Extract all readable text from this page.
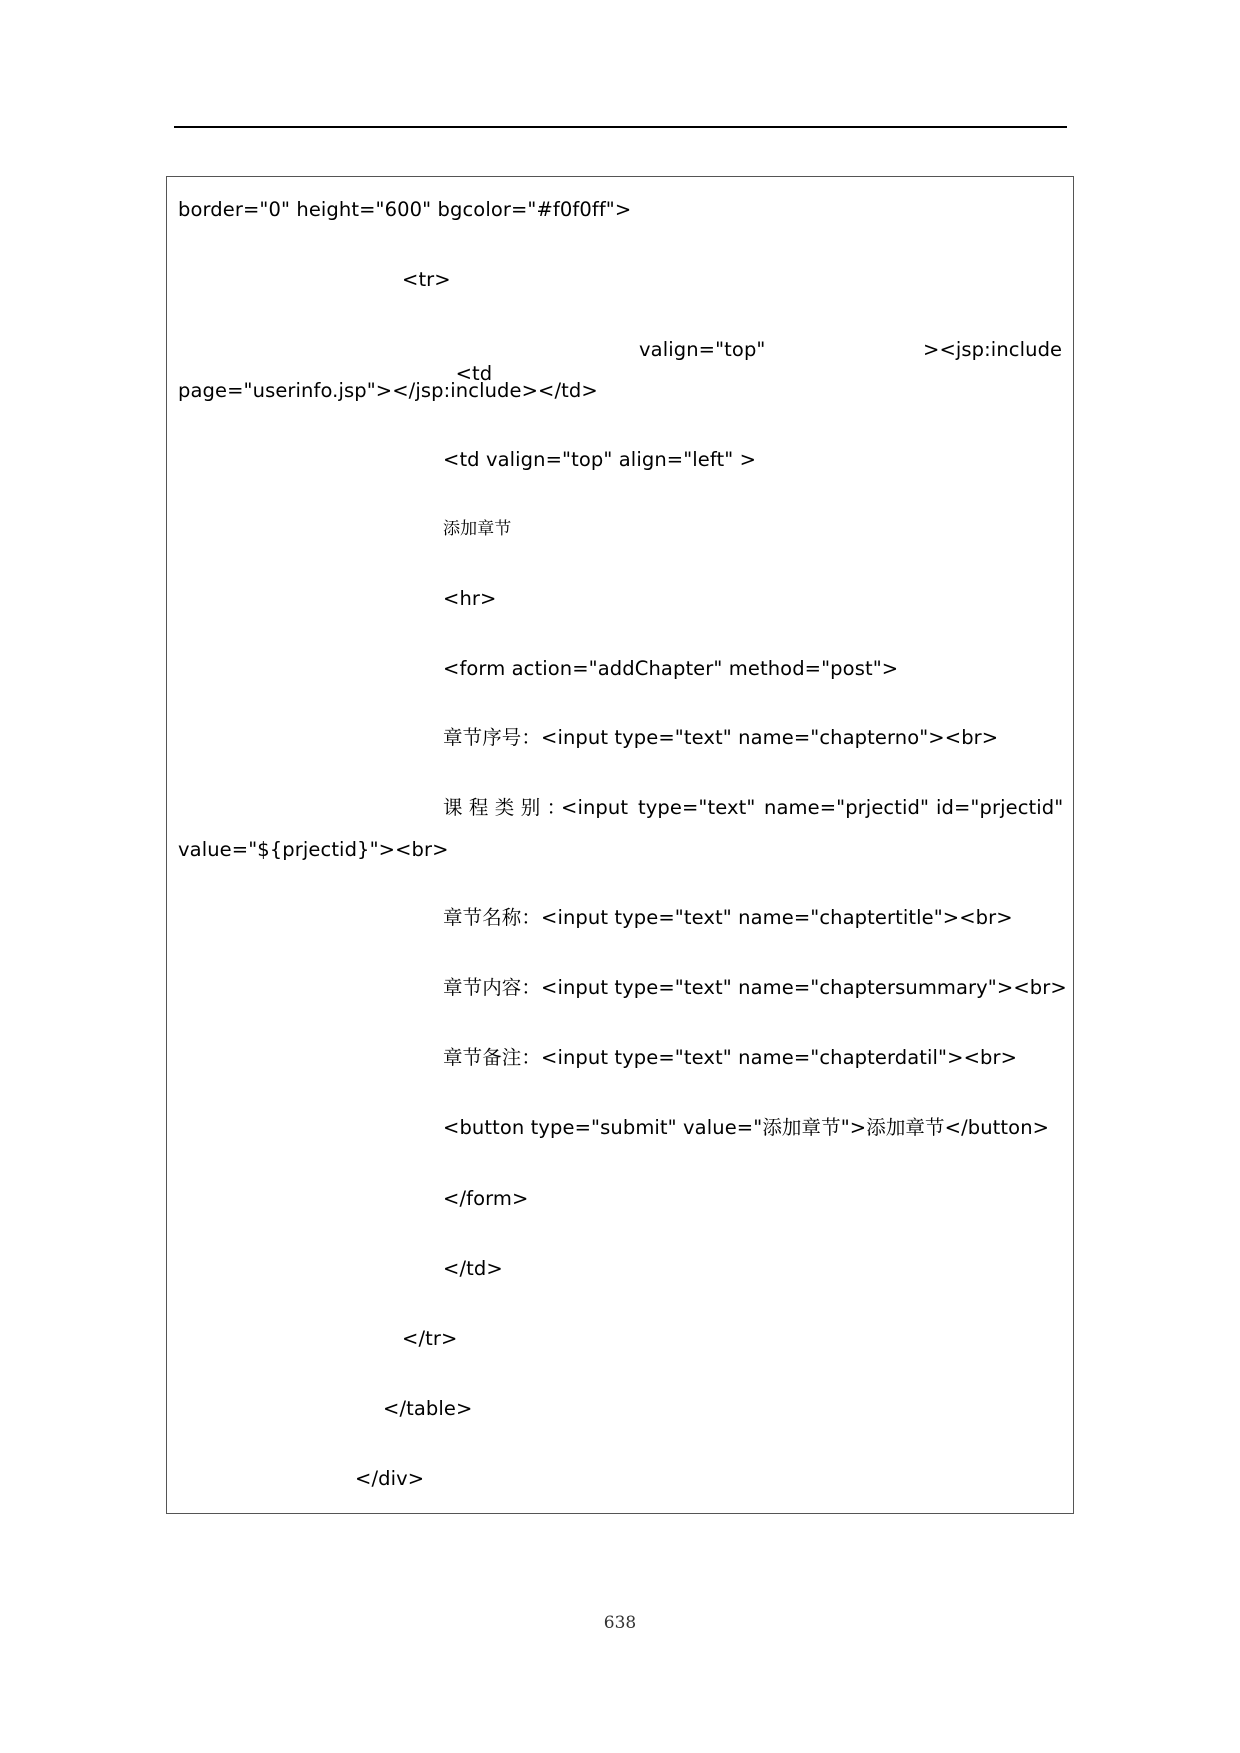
border="0" height="600" bgcolor="#f0f0ff">
<tr>

<td

valign="top"	><jsp:include
page="userinfo.jsp"></jsp:include></td>
<td valign="top" align="left" >
添加章节
<hr>
<form action="addChapter" method="post">
章节序号：<input type="text" name="chapterno"><br>
课 程 类 别 ：
<input type="text" name="prjectid" id="prjectid"
value="${prjectid}"><br>
章节名称：<input type="text" name="chaptertitle"><br>
章节内容：<input type="text" name="chaptersummary"><br>
章节备注：<input type="text" name="chapterdatil"><br>
<button type="submit" value="添加章节">添加章节</button>
</form>
</td>
</tr>
</table>
</div>
638
